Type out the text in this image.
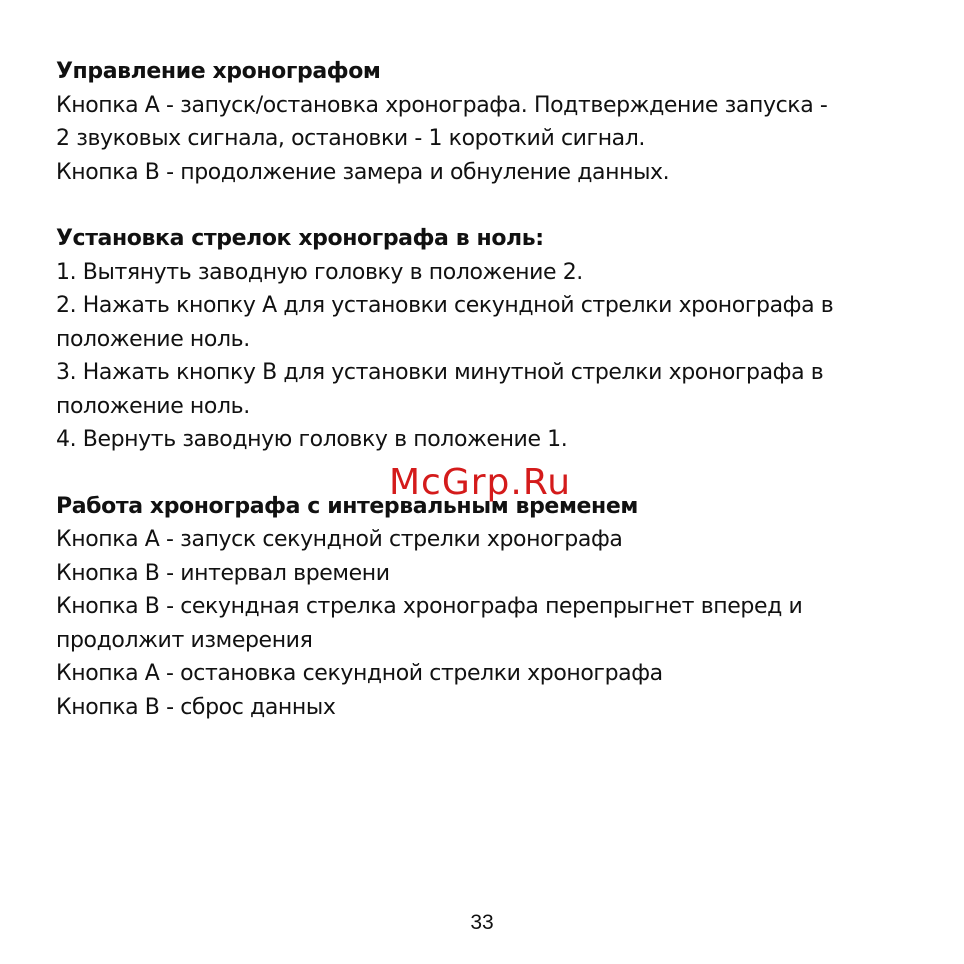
Управление хронографом
Кнопка А - запуск/остановка хронографа. Подтверждение запуска -
2 звуковых сигнала, остановки - 1 короткий сигнал.
Кнопка В - продолжение замера и обнуление данных.
Установка стрелок хронографа в ноль:
1. Вытянуть заводную головку в положение 2.
2. Нажать кнопку А для установки секундной стрелки хронографа в
положение ноль.
3. Нажать кнопку В для установки минутной стрелки хронографа в
положение ноль.
4. Вернуть заводную головку в положение 1.
Работа хронографа с интервальным временем
Кнопка А - запуск секундной стрелки хронографа
Кнопка В - интервал времени
Кнопка В - секундная стрелка хронографа перепрыгнет вперед и
продолжит измерения
Кнопка А - остановка секундной стрелки хронографа
Кнопка В - сброс данных
McGrp.Ru
33
